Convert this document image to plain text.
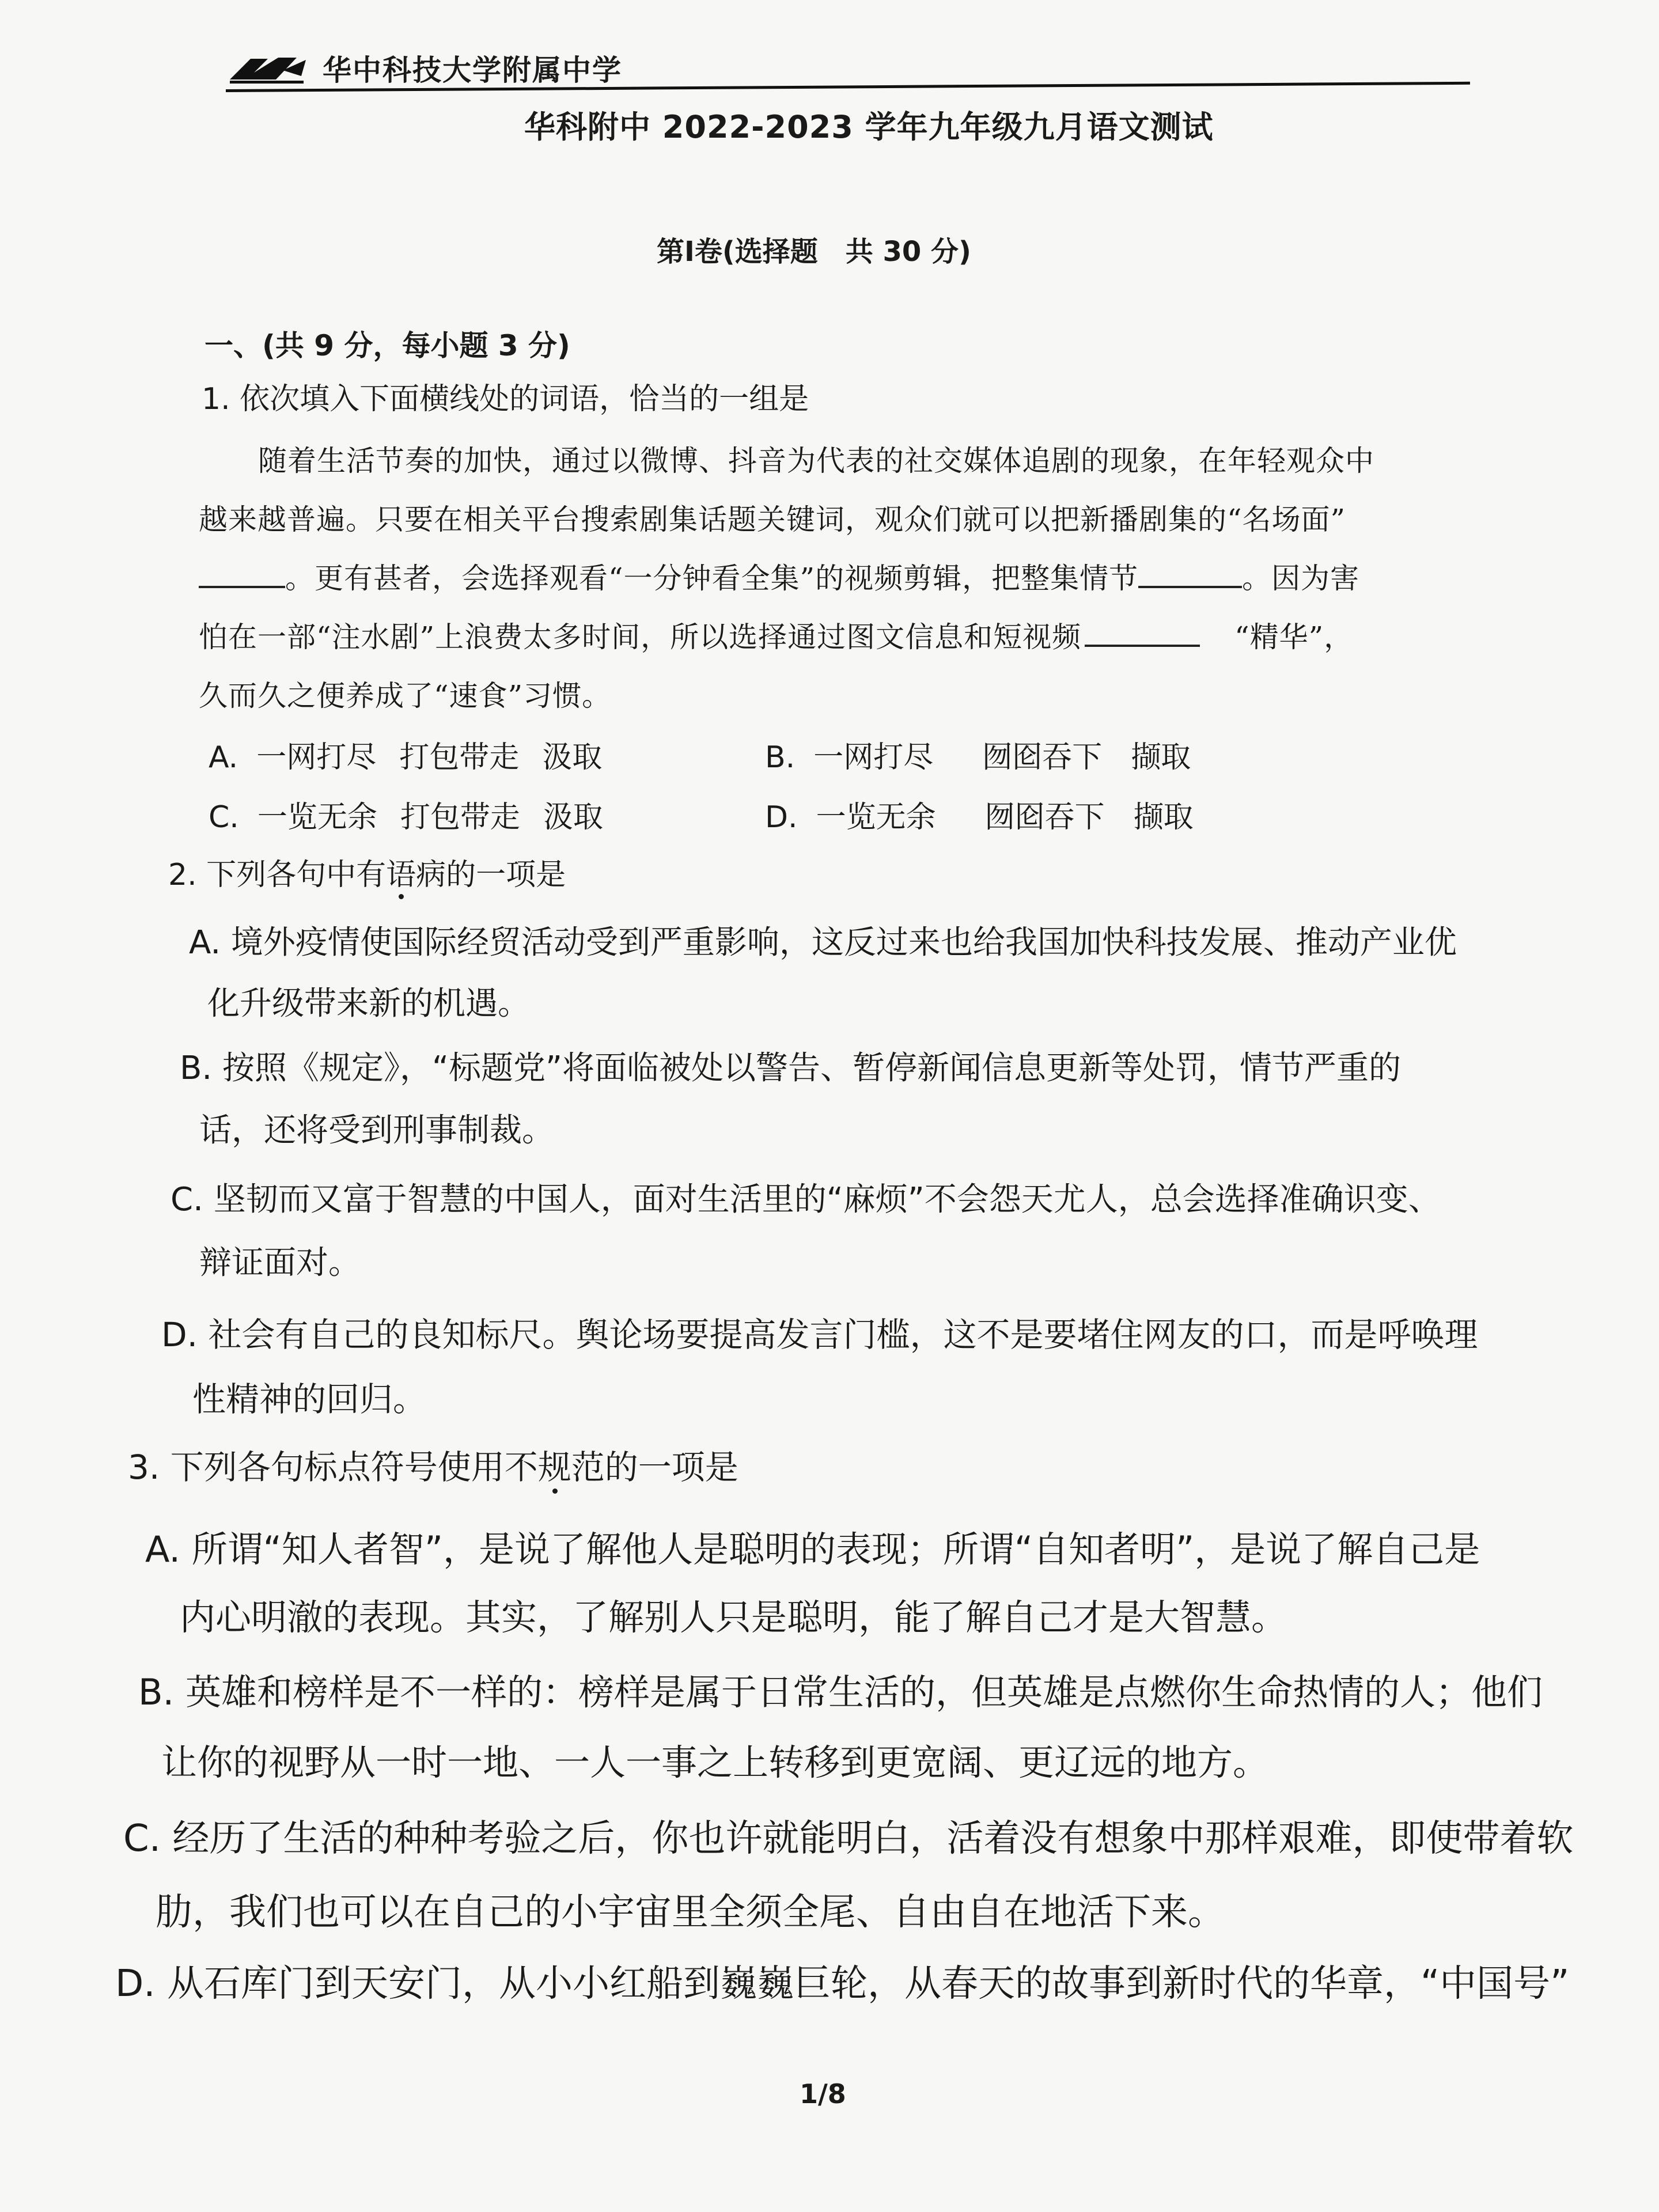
华中科技大学附属中学
华科附中 2022-2023 学年九年级九月语文测试
第Ⅰ卷(选择题　共 30 分)
一、(共 9 分，每小题 3 分)
1. 依次填入下面横线处的词语，恰当的一组是
随着生活节奏的加快，通过以微博、抖音为代表的社交媒体追剧的现象，在年轻观众中
越来越普遍。只要在相关平台搜索剧集话题关键词，观众们就可以把新播剧集的“名场面”
。更有甚者，会选择观看“一分钟看全集”的视频剪辑，把整集情节	。因为害
怕在一部“注水剧”上浪费太多时间，所以选择通过图文信息和短视频	“精华”，
久而久之便养成了“速食”习惯。
A. 一网打尽 打包带走 汲取	B. 一网打尽 囫囵吞下 撷取
C. 一览无余 打包带走 汲取	D. 一览无余 囫囵吞下 撷取
2. 下列各句中有语病的一项是
A. 境外疫情使国际经贸活动受到严重影响，这反过来也给我国加快科技发展、推动产业优
化升级带来新的机遇。
B. 按照《规定》，“标题党”将面临被处以警告、暂停新闻信息更新等处罚，情节严重的
话，还将受到刑事制裁。
C. 坚韧而又富于智慧的中国人，面对生活里的“麻烦”不会怨天尤人，总会选择准确识变、
辩证面对。
D. 社会有自己的良知标尺。舆论场要提高发言门槛，这不是要堵住网友的口，而是呼唤理
性精神的回归。
3. 下列各句标点符号使用不规范的一项是
A. 所谓“知人者智”，是说了解他人是聪明的表现；所谓“自知者明”，是说了解自己是
内心明澈的表现。其实，了解别人只是聪明，能了解自己才是大智慧。
B. 英雄和榜样是不一样的：榜样是属于日常生活的，但英雄是点燃你生命热情的人；他们
让你的视野从一时一地、一人一事之上转移到更宽阔、更辽远的地方。
C. 经历了生活的种种考验之后，你也许就能明白，活着没有想象中那样艰难，即使带着软
肋，我们也可以在自己的小宇宙里全须全尾、自由自在地活下来。
D. 从石库门到天安门，从小小红船到巍巍巨轮，从春天的故事到新时代的华章，“中国号”
1/8
